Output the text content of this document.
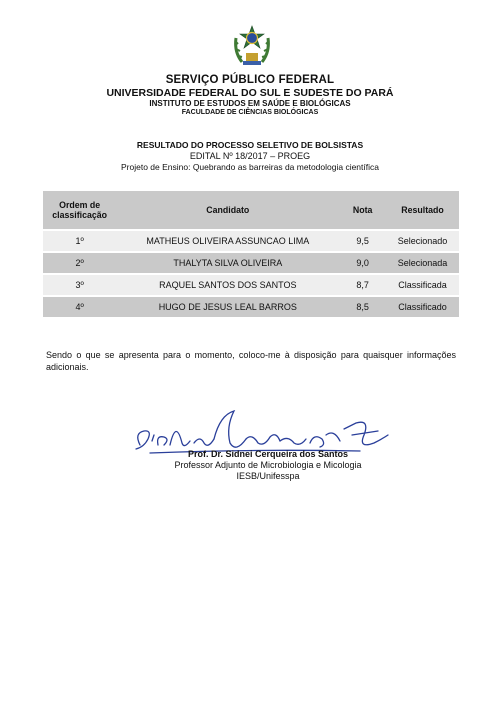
SERVIÇO PÚBLICO FEDERAL
UNIVERSIDADE FEDERAL DO SUL E SUDESTE DO PARÁ
INSTITUTO DE ESTUDOS EM SAÚDE E BIOLÓGICAS
FACULDADE DE CIÊNCIAS BIOLÓGICAS
RESULTADO DO PROCESSO SELETIVO DE BOLSISTAS
EDITAL Nº 18/2017 – PROEG
Projeto de Ensino: Quebrando as barreiras da metodologia científica
Ordem de classificação	Candidato	Nota	Resultado
1º	MATHEUS OLIVEIRA ASSUNCAO LIMA	9,5	Selecionado
2º	THALYTA SILVA OLIVEIRA	9,0	Selecionada
3º	RAQUEL SANTOS DOS SANTOS	8,7	Classificada
4º	HUGO DE JESUS LEAL BARROS	8,5	Classificado
Sendo o que se apresenta para o momento, coloco-me à disposição para quaisquer informações adicionais.
Prof. Dr. Sidnei Cerqueira dos Santos
Professor Adjunto de Microbiologia e Micologia
IESB/Unifesspa
